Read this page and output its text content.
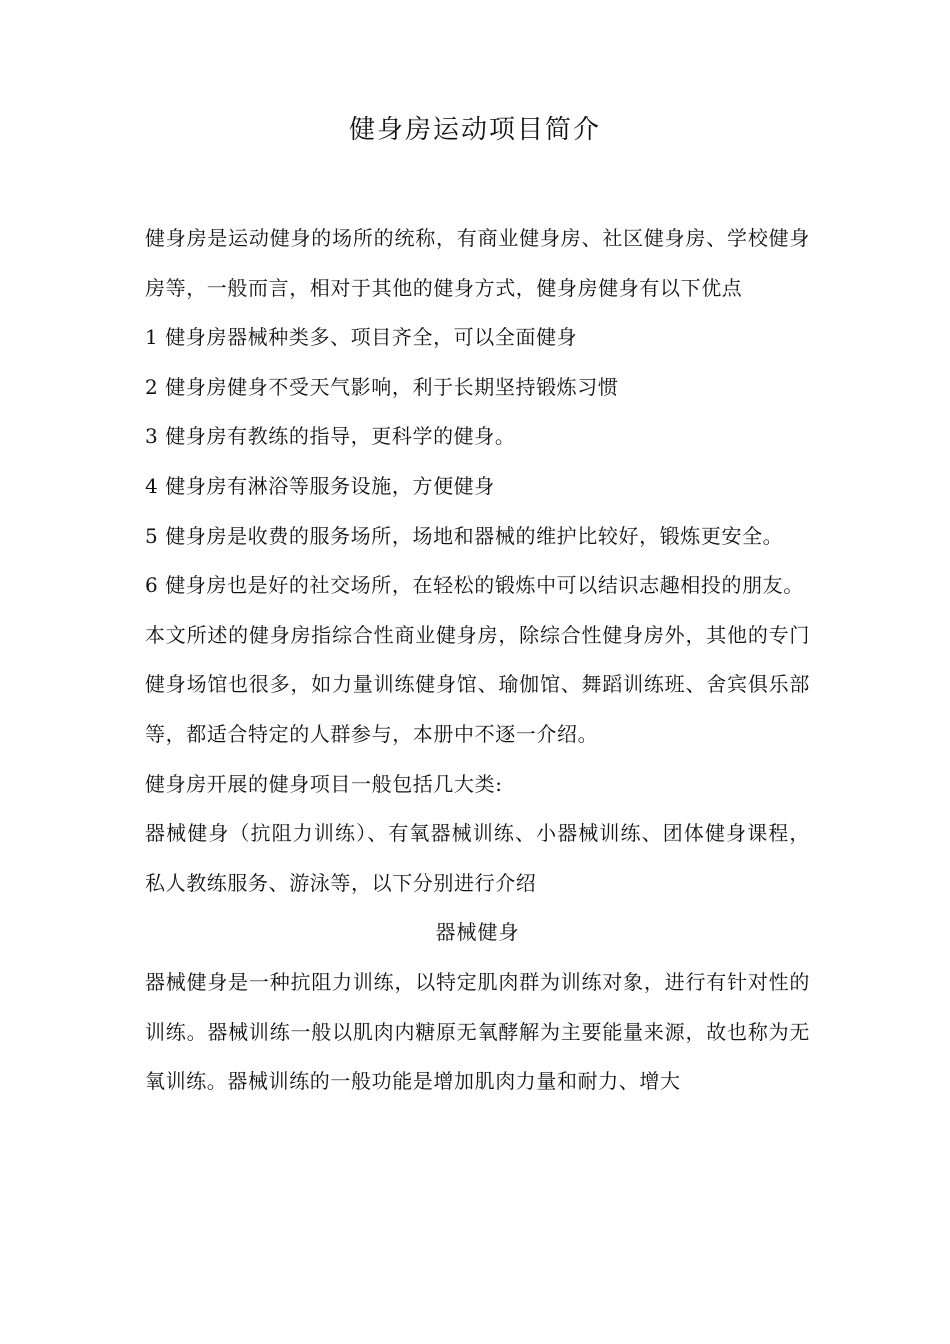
健身房运动项目简介

健身房是运动健身的场所的统称，有商业健身房、社区健身房、学校健身房等，一般而言，相对于其他的健身方式，健身房健身有以下优点

1 健身房器械种类多、项目齐全，可以全面健身

2 健身房健身不受天气影响，利于长期坚持锻炼习惯

3 健身房有教练的指导，更科学的健身。

4 健身房有淋浴等服务设施，方便健身

5 健身房是收费的服务场所，场地和器械的维护比较好，锻炼更安全。

6 健身房也是好的社交场所，在轻松的锻炼中可以结识志趣相投的朋友。

本文所述的健身房指综合性商业健身房，除综合性健身房外，其他的专门健身场馆也很多，如力量训练健身馆、瑜伽馆、舞蹈训练班、舍宾俱乐部等，都适合特定的人群参与，本册中不逐一介绍。

健身房开展的健身项目一般包括几大类:

器械健身（抗阻力训练）、有氧器械训练、小器械训练、团体健身课程，私人教练服务、游泳等，以下分别进行介绍

器械健身

器械健身是一种抗阻力训练，以特定肌肉群为训练对象，进行有针对性的训练。器械训练一般以肌肉内糖原无氧酵解为主要能量来源，故也称为无氧训练。器械训练的一般功能是增加肌肉力量和耐力、增大
